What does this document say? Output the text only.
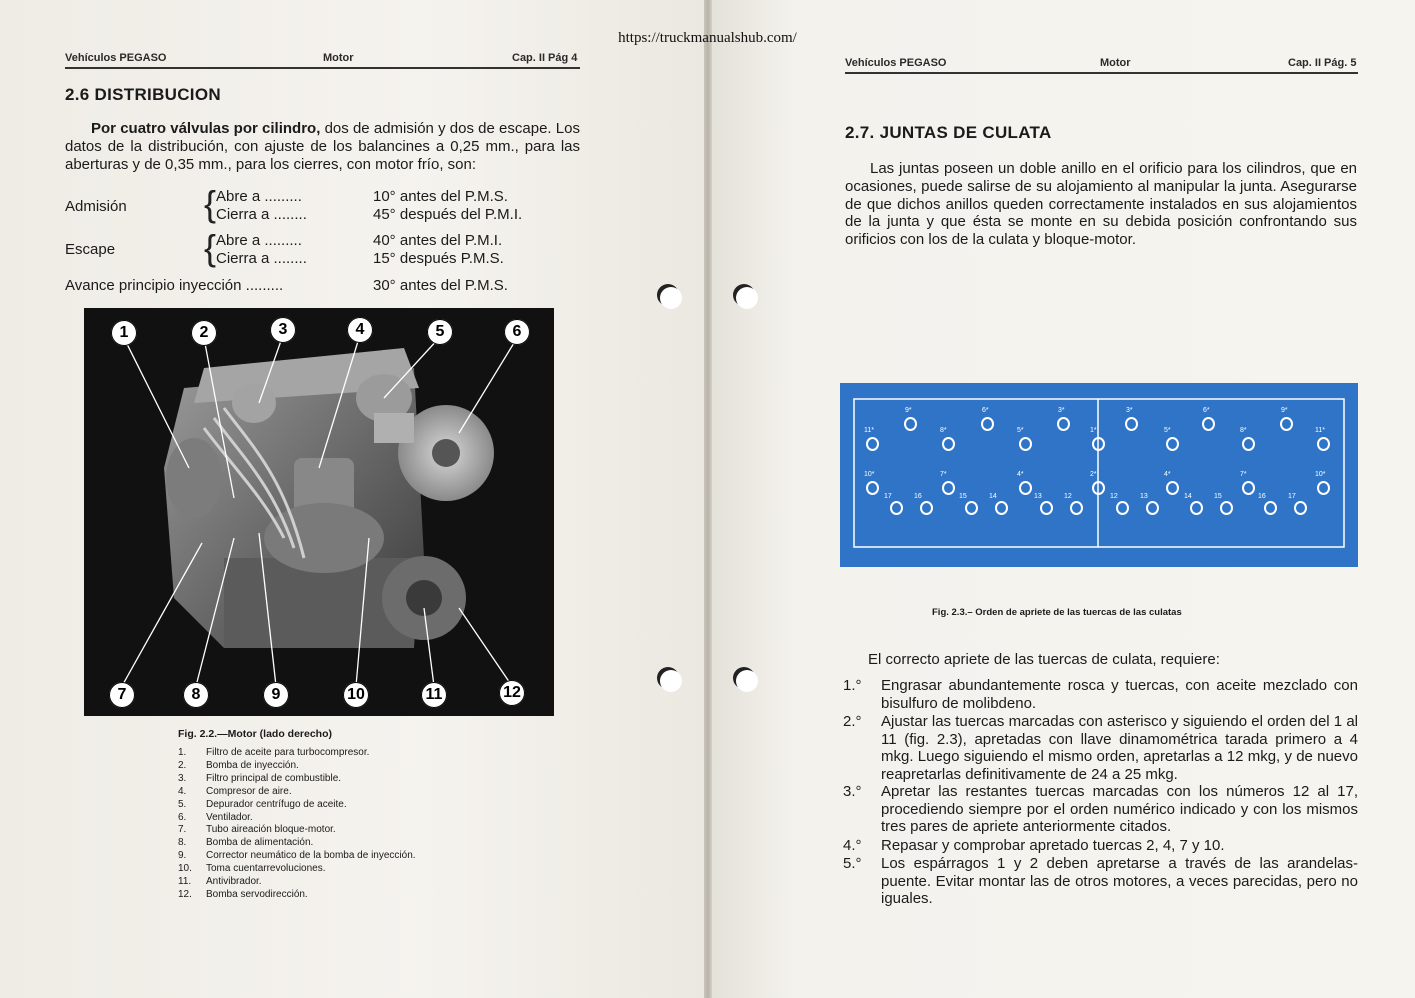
https://truckmanualshub.com/
Vehículos PEGASO	Motor	Cap. II Pág 4
2.6 DISTRIBUCION
Por cuatro válvulas por cilindro, dos de admisión y dos de escape. Los datos de la distribución, con ajuste de los balancines a 0,25 mm., para las aberturas y de 0,35 mm., para los cierres, con motor frío, son:
Admisión { Abre a .........	10° antes del P.M.S.
Cierra a ........	45° después del P.M.I.
Escape { Abre a .........	40° antes del P.M.I.
Cierra a ........	15° después P.M.S.
Avance principio inyección .........	30° antes del P.M.S.
1	2	3	4	5	6
7	8	9	10	11	12
Fig. 2.2.—Motor (lado derecho)
1. Filtro de aceite para turbocompresor.
2. Bomba de inyección.
3. Filtro principal de combustible.
4. Compresor de aire.
5. Depurador centrífugo de aceite.
6. Ventilador.
7. Tubo aireación bloque-motor.
8. Bomba de alimentación.
9. Corrector neumático de la bomba de inyección.
10. Toma cuentarrevoluciones.
11. Antivibrador.
12. Bomba servodirección.
Vehículos PEGASO	Motor	Cap. II Pág. 5
2.7. JUNTAS DE CULATA
Las juntas poseen un doble anillo en el orificio para los cilindros, que en ocasiones, puede salirse de su alojamiento al manipular la junta. Asegurarse de que dichos anillos queden correctamente instalados en sus alojamientos de la junta y que ésta se monte en su debida posición confrontando sus orificios con los de la culata y bloque-motor.
9*	6*	3*	3*	6*	9*
11*	8*	5*	1*	5*	8*	11*
10*	7*	4*	2*	4*	7*	10*
17	16	15	14	13	12	12	13	14	15	16	17
Fig. 2.3.– Orden de apriete de las tuercas de las culatas
El correcto apriete de las tuercas de culata, requiere:
1.° Engrasar abundantemente rosca y tuercas, con aceite mezclado con bisulfuro de molibdeno.
2.° Ajustar las tuercas marcadas con asterisco y siguiendo el orden del 1 al 11 (fig. 2.3), apretadas con llave dinamométrica tarada primero a 4 mkg. Luego siguiendo el mismo orden, apretarlas a 12 mkg, y de nuevo reapretarlas definitivamente de 24 a 25 mkg.
3.° Apretar las restantes tuercas marcadas con los números 12 al 17, procediendo siempre por el orden numérico indicado y con los mismos tres pares de apriete anteriormente citados.
4.° Repasar y comprobar apretado tuercas 2, 4, 7 y 10.
5.° Los espárragos 1 y 2 deben apretarse a través de las arandelas-puente. Evitar montar las de otros motores, a veces parecidas, pero no iguales.
